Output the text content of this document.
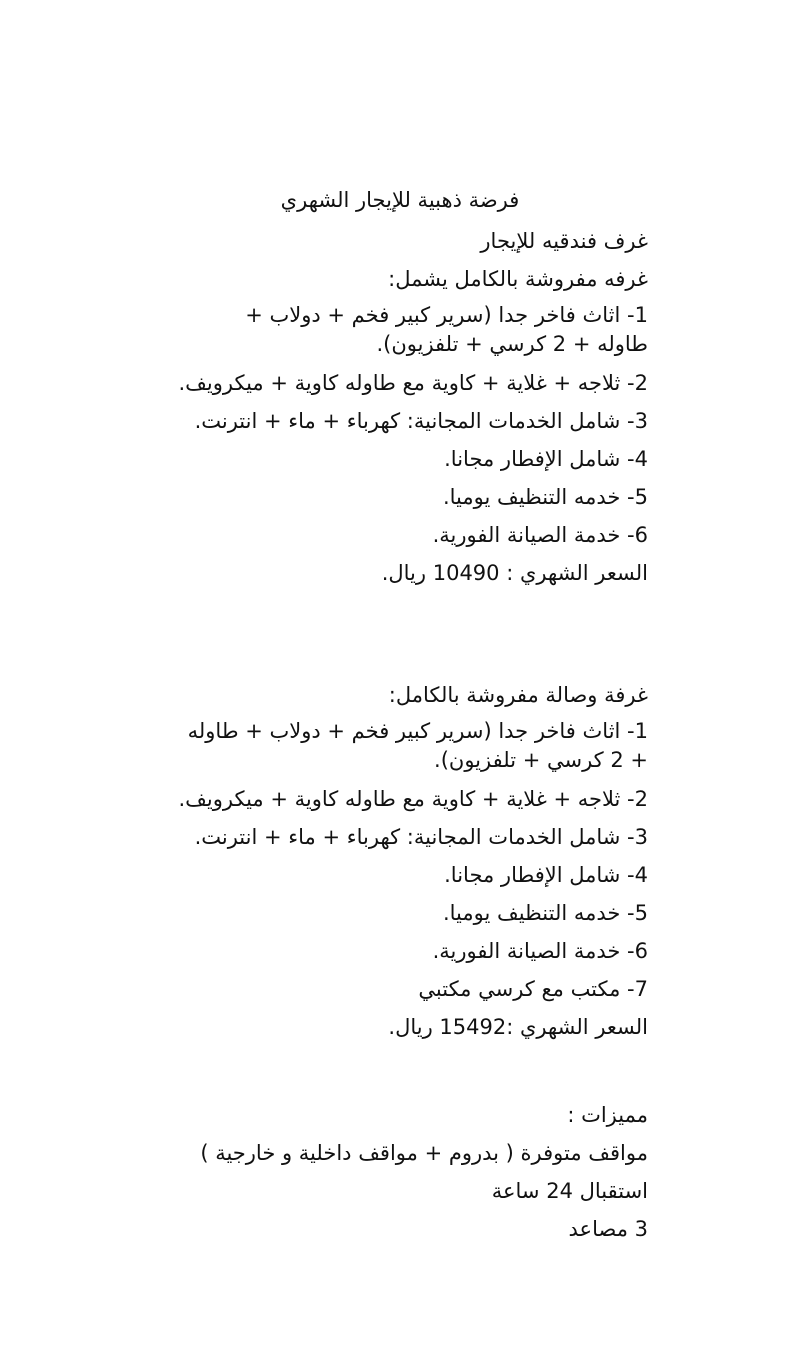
فرضة ذهبية للإيجار الشهري

غرف فندقيه للإيجار

غرفه مفروشة بالكامل يشمل:

1- اثاث فاخر جدا (سرير كبير فخم + دولاب + طاوله + 2 كرسي + تلفزيون).

2- ثلاجه + غلاية + كاوية مع طاوله كاوية + ميكرويف.

3- شامل الخدمات المجانية: كهرباء + ماء + انترنت.

4- شامل الإفطار مجانا.

5- خدمه التنظيف يوميا.

6- خدمة الصيانة الفورية.

السعر الشهري : 10490 ريال.

غرفة وصالة مفروشة بالكامل:

1- اثاث فاخر جدا (سرير كبير فخم + دولاب + طاوله + 2 كرسي + تلفزيون).

2- ثلاجه + غلاية + كاوية مع طاوله كاوية + ميكرويف.

3- شامل الخدمات المجانية: كهرباء + ماء + انترنت.

4- شامل الإفطار مجانا.

5- خدمه التنظيف يوميا.

6- خدمة الصيانة الفورية.

7- مكتب مع كرسي مكتبي

السعر الشهري :15492 ريال.

مميزات :

مواقف متوفرة ( بدروم + مواقف داخلية و خارجية )

استقبال 24 ساعة

3 مصاعد
